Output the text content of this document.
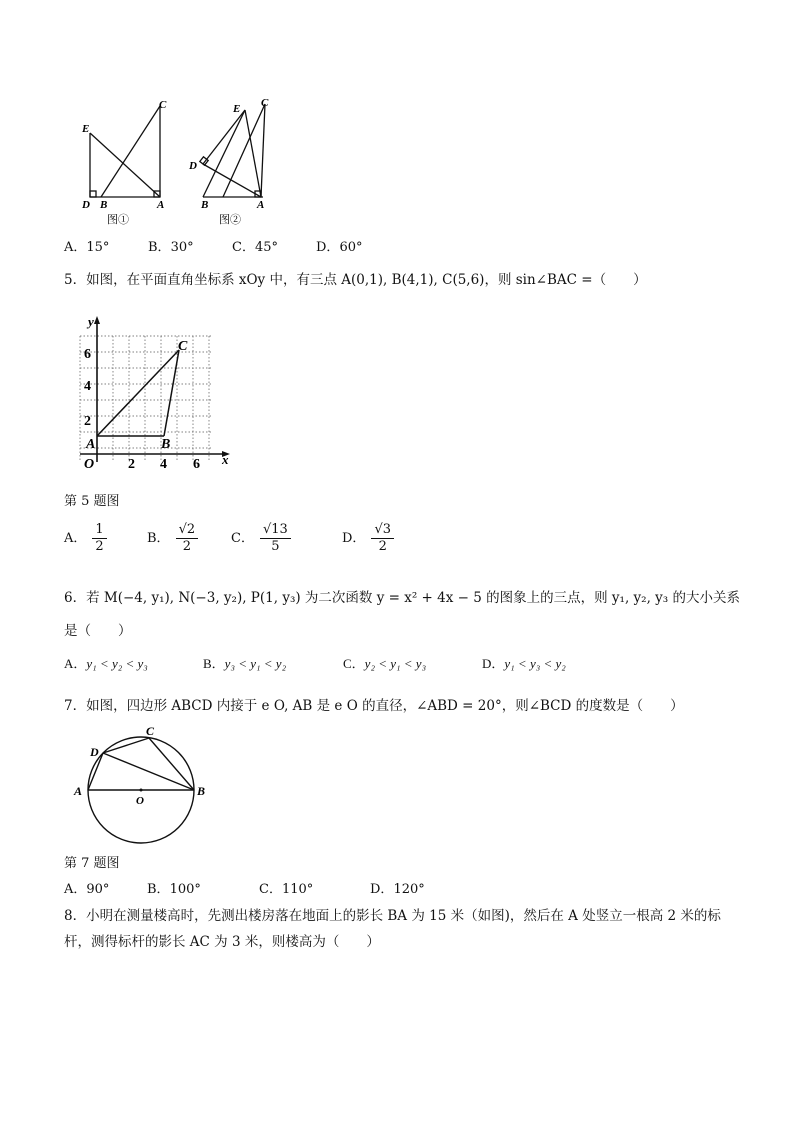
C
E
D B	A
图①
C
E
D
B	A
图②
A．15°	B．30°	C．45°	D．60°
5．如图，在平面直角坐标系 xOy 中，有三点 A(0,1), B(4,1), C(5,6)，则 sin∠BAC =（　　）
y
x
O
6
4
2
2 4 6
A	B
C
第 5 题图
A． $\frac{1}{2}$	B． $\frac{√2}{2}$	C． $\frac{√13}{5}$	D． $\frac{√3}{2}$
6．若 M(−4, y₁), N(−3, y₂), P(1, y₃) 为二次函数 y = x² + 4x − 5 的图象上的三点，则 y₁, y₂, y₃ 的大小关系
是（　　）
A．y₁ < y₂ < y₃	B．y₃ < y₁ < y₂	C．y₂ < y₁ < y₃	D．y₁ < y₃ < y₂
7．如图，四边形 ABCD 内接于 e O, AB 是 e O 的直径，∠ABD = 20°，则∠BCD 的度数是（　　）
A	B
C
D
O
第 7 题图
A．90°	B．100°	C．110°	D．120°
8．小明在测量楼高时，先测出楼房落在地面上的影长 BA 为 15 米（如图)，然后在 A 处竖立一根高 2 米的标
杆，测得标杆的影长 AC 为 3 米，则楼高为（　　）
